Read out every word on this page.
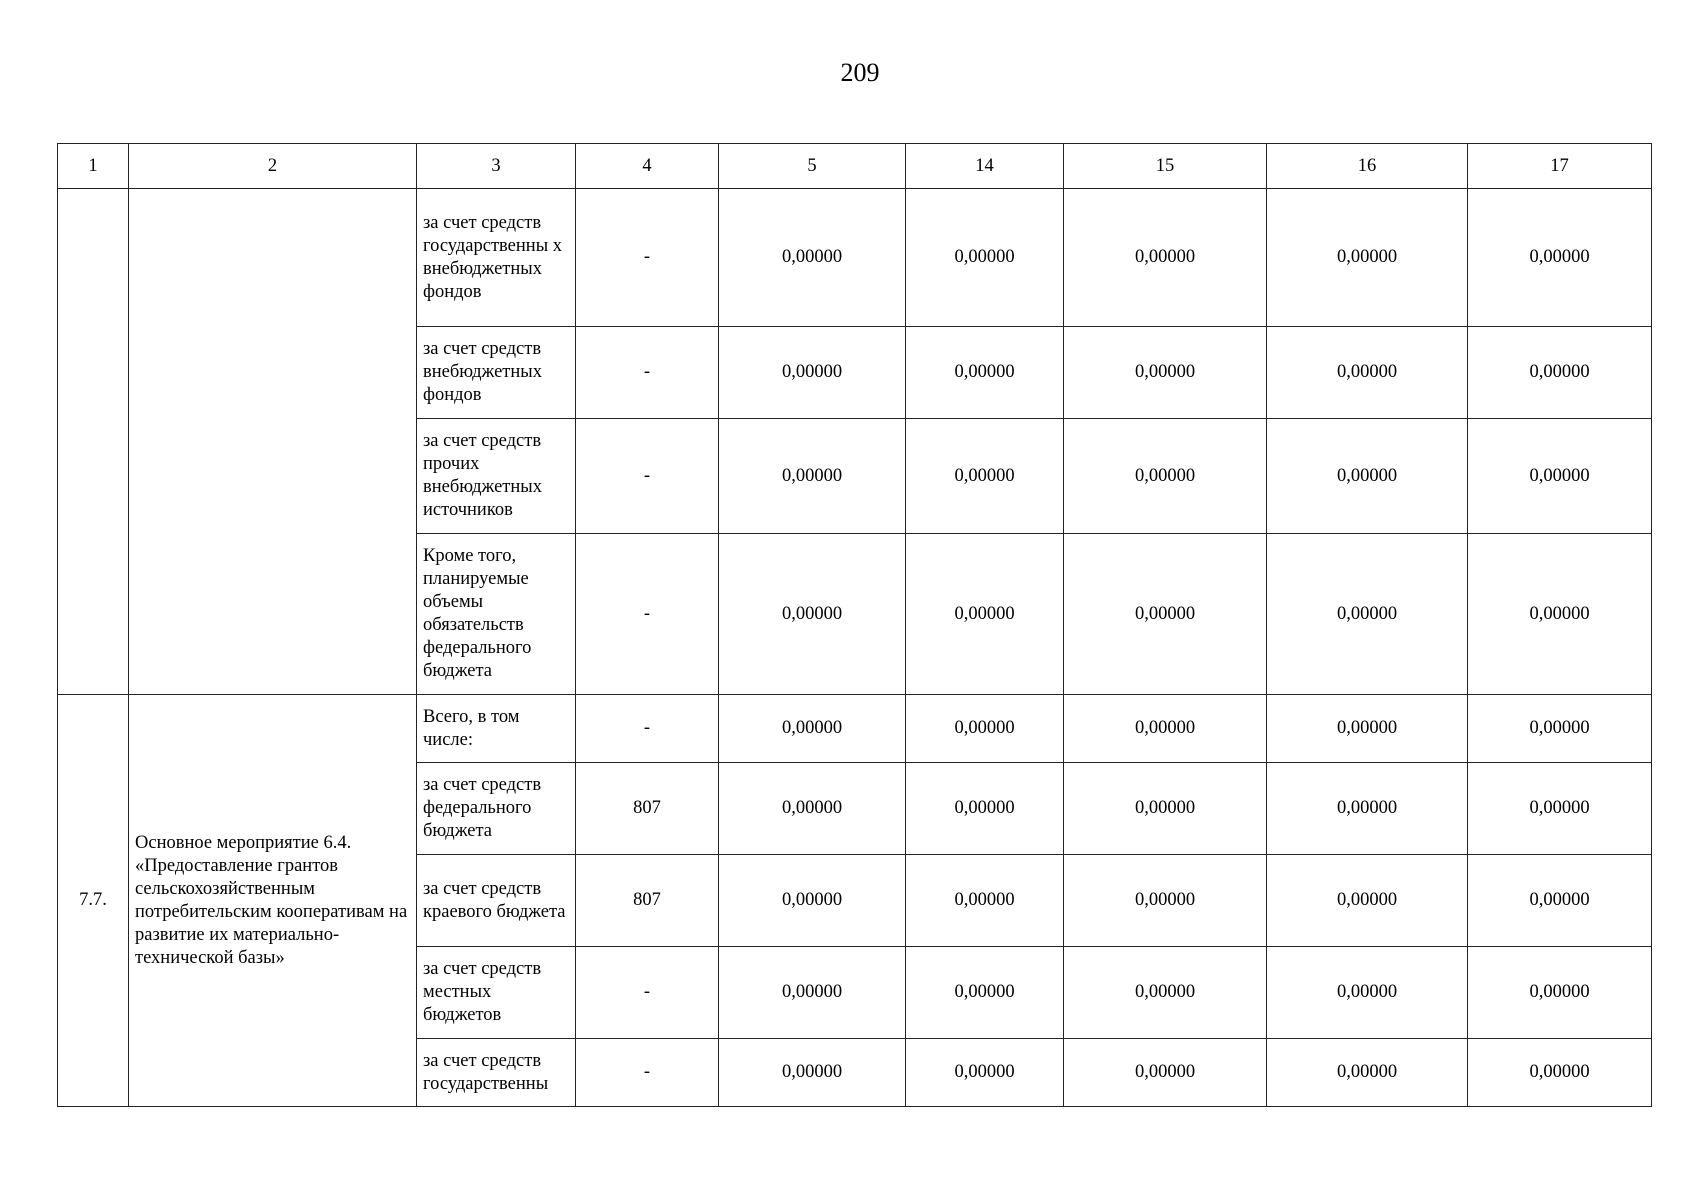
209
1	2	3	4	5	14	15	16	17
		за счет средств государственны х внебюджетных фондов	-	0,00000	0,00000	0,00000	0,00000	0,00000
		за счет средств внебюджетных фондов	-	0,00000	0,00000	0,00000	0,00000	0,00000
		за счет средств прочих внебюджетных источников	-	0,00000	0,00000	0,00000	0,00000	0,00000
		Кроме того, планируемые объемы обязательств федерального бюджета	-	0,00000	0,00000	0,00000	0,00000	0,00000
7.7.	Основное мероприятие 6.4. «Предоставление грантов сельскохозяйственным потребительским кооперативам на развитие их материально-технической базы»	Всего, в том числе:	-	0,00000	0,00000	0,00000	0,00000	0,00000
		за счет средств федерального бюджета	807	0,00000	0,00000	0,00000	0,00000	0,00000
		за счет средств краевого бюджета	807	0,00000	0,00000	0,00000	0,00000	0,00000
		за счет средств местных бюджетов	-	0,00000	0,00000	0,00000	0,00000	0,00000
		за счет средств государственны	-	0,00000	0,00000	0,00000	0,00000	0,00000
